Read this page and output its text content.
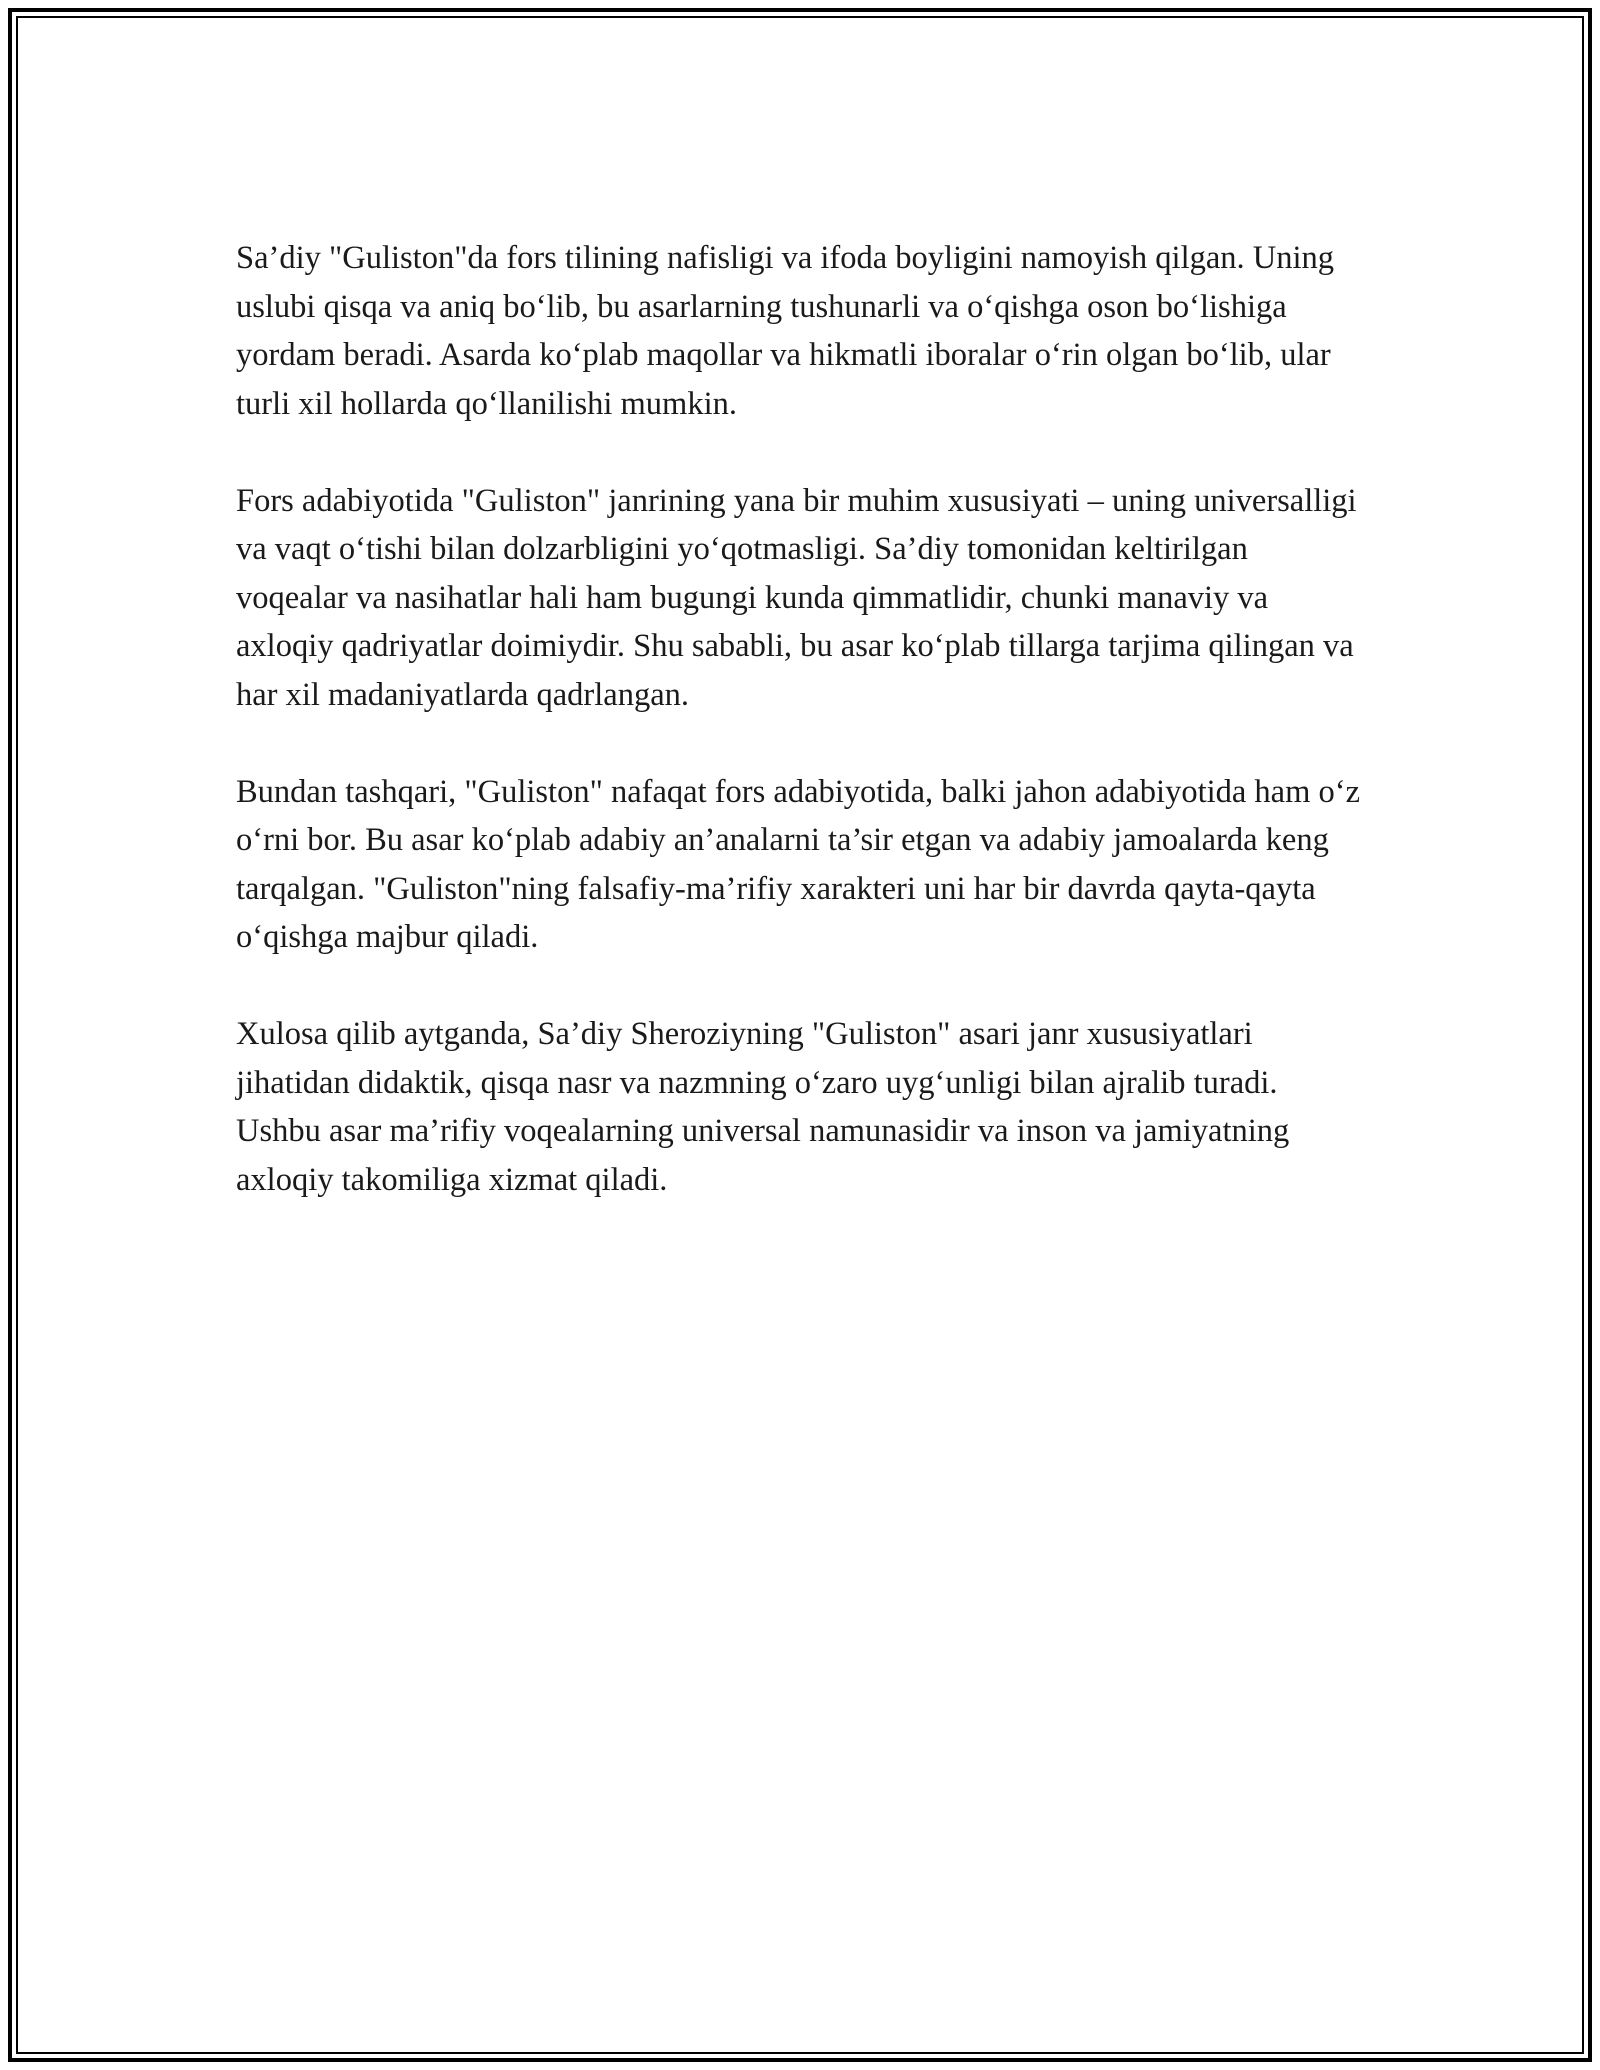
Sa’diy "Guliston"da fors tilining nafisligi va ifoda boyligini namoyish qilgan. Uning uslubi qisqa va aniq bo‘lib, bu asarlarning tushunarli va o‘qishga oson bo‘lishiga yordam beradi. Asarda ko‘plab maqollar va hikmatli iboralar o‘rin olgan bo‘lib, ular turli xil hollarda qo‘llanilishi mumkin.

Fors adabiyotida "Guliston" janrining yana bir muhim xususiyati – uning universalligi va vaqt o‘tishi bilan dolzarbligini yo‘qotmasligi. Sa’diy tomonidan keltirilgan voqealar va nasihatlar hali ham bugungi kunda qimmatlidir, chunki manaviy va axloqiy qadriyatlar doimiydir. Shu sababli, bu asar ko‘plab tillarga tarjima qilingan va har xil madaniyatlarda qadrlangan.

Bundan tashqari, "Guliston" nafaqat fors adabiyotida, balki jahon adabiyotida ham o‘z o‘rni bor. Bu asar ko‘plab adabiy an’analarni ta’sir etgan va adabiy jamoalarda keng tarqalgan. "Guliston"ning falsafiy-ma’rifiy xarakteri uni har bir davrda qayta-qayta o‘qishga majbur qiladi.

Xulosa qilib aytganda, Sa’diy Sheroziyning "Guliston" asari janr xususiyatlari jihatidan didaktik, qisqa nasr va nazmning o‘zaro uyg‘unligi bilan ajralib turadi. Ushbu asar ma’rifiy voqealarning universal namunasidir va inson va jamiyatning axloqiy takomiliga xizmat qiladi.
